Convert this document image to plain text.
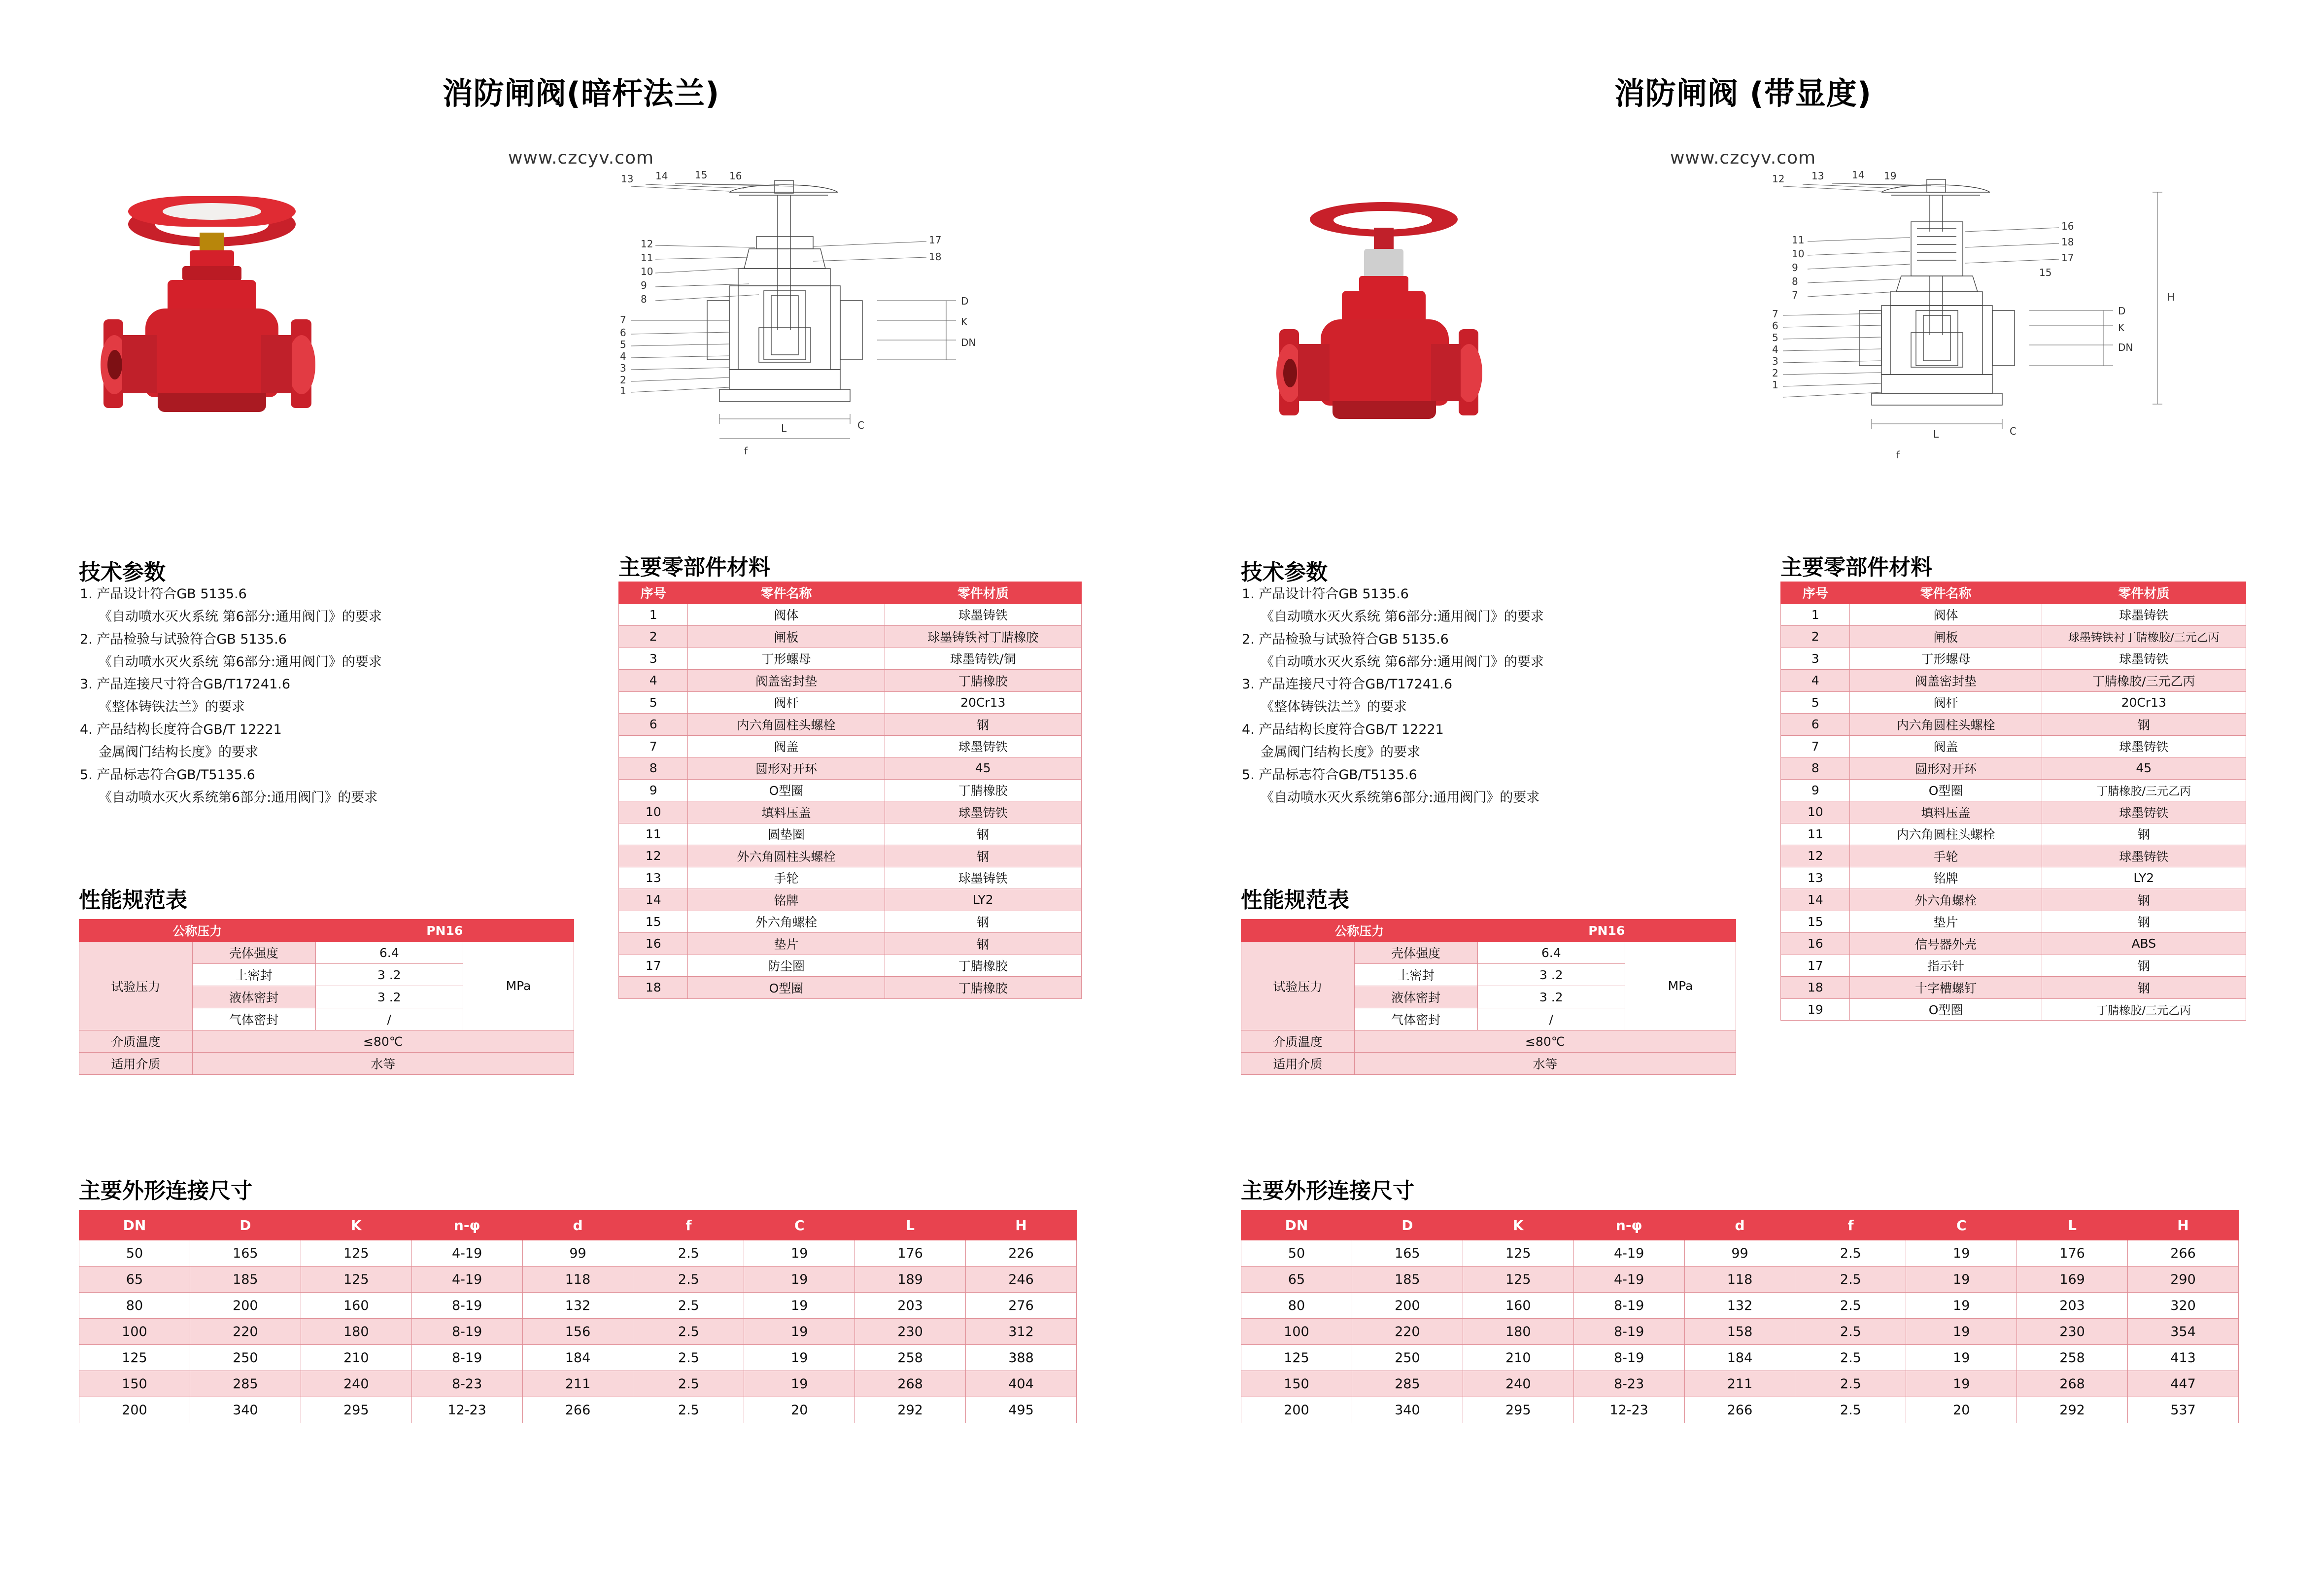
消防闸阀(暗杆法兰)
www.czcyv.com
13 14	15 16
12
11
10
9
8
17
18
7
6
5
4
3
2
1
D
K
DN
L	C
f
技术参数
1. 产品设计符合GB 5135.6
《自动喷水灭火系统 第6部分:通用阀门》的要求
2. 产品检验与试验符合GB 5135.6
《自动喷水灭火系统 第6部分:通用阀门》的要求
3. 产品连接尺寸符合GB/T17241.6
《整体铸铁法兰》的要求
4. 产品结构长度符合GB/T 12221
金属阀门结构长度》的要求
5. 产品标志符合GB/T5135.6
《自动喷水灭火系统第6部分:通用阀门》的要求
性能规范表
公称压力		PN16	
试验压力	壳体强度	6.4	MPa
	上密封	3 .2	
	液体密封	3 .2	
	气体密封	/	
介质温度	≤80℃		
适用介质	水等		
主要零部件材料
序号	零件名称	零件材质
1	阀体	球墨铸铁
2	闸板	球墨铸铁衬丁腈橡胶
3	丁形螺母	球墨铸铁/铜
4	阀盖密封垫	丁腈橡胶
5	阀杆	20Cr13
6	内六角圆柱头螺栓	钢
7	阀盖	球墨铸铁
8	圆形对开环	45
9	O型圈	丁腈橡胶
10	填料压盖	球墨铸铁
11	圆垫圈	钢
12	外六角圆柱头螺栓	钢
13	手轮	球墨铸铁
14	铭牌	LY2
15	外六角螺栓	钢
16	垫片	钢
17	防尘圈	丁腈橡胶
18	O型圈	丁腈橡胶
主要外形连接尺寸
DN	D	K	n-φ	d	f	C	L	H
50	165	125	4-19	99	2.5	19	176	226
65	185	125	4-19	118	2.5	19	189	246
80	200	160	8-19	132	2.5	19	203	276
100	220	180	8-19	156	2.5	19	230	312
125	250	210	8-19	184	2.5	19	258	388
150	285	240	8-23	211	2.5	19	268	404
200	340	295	12-23	266	2.5	20	292	495
消防闸阀 (带显度)
www.czcyv.com
12	13	14 19
11
10
9
8
7
16
18
17
15
7
6
5
4
3
2
1
D
K
DN
H
L	C
f
技术参数
1. 产品设计符合GB 5135.6
《自动喷水灭火系统 第6部分:通用阀门》的要求
2. 产品检验与试验符合GB 5135.6
《自动喷水灭火系统 第6部分:通用阀门》的要求
3. 产品连接尺寸符合GB/T17241.6
《整体铸铁法兰》的要求
4. 产品结构长度符合GB/T 12221
金属阀门结构长度》的要求
5. 产品标志符合GB/T5135.6
《自动喷水灭火系统第6部分:通用阀门》的要求
性能规范表
公称压力		PN16	
试验压力	壳体强度	6.4	MPa
	上密封	3 .2	
	液体密封	3 .2	
	气体密封	/	
介质温度	≤80℃		
适用介质	水等		
主要零部件材料
序号	零件名称	零件材质
1	阀体	球墨铸铁
2	闸板	球墨铸铁衬丁腈橡胶/三元乙丙
3	丁形螺母	球墨铸铁
4	阀盖密封垫	丁腈橡胶/三元乙丙
5	阀杆	20Cr13
6	内六角圆柱头螺栓	钢
7	阀盖	球墨铸铁
8	圆形对开环	45
9	O型圈	丁腈橡胶/三元乙丙
10	填料压盖	球墨铸铁
11	内六角圆柱头螺栓	钢
12	手轮	球墨铸铁
13	铭牌	LY2
14	外六角螺栓	钢
15	垫片	钢
16	信号器外壳	ABS
17	指示针	钢
18	十字槽螺钉	钢
19	O型圈	丁腈橡胶/三元乙丙
主要外形连接尺寸
DN	D	K	n-φ	d	f	C	L	H
50	165	125	4-19	99	2.5	19	176	266
65	185	125	4-19	118	2.5	19	169	290
80	200	160	8-19	132	2.5	19	203	320
100	220	180	8-19	158	2.5	19	230	354
125	250	210	8-19	184	2.5	19	258	413
150	285	240	8-23	211	2.5	19	268	447
200	340	295	12-23	266	2.5	20	292	537
